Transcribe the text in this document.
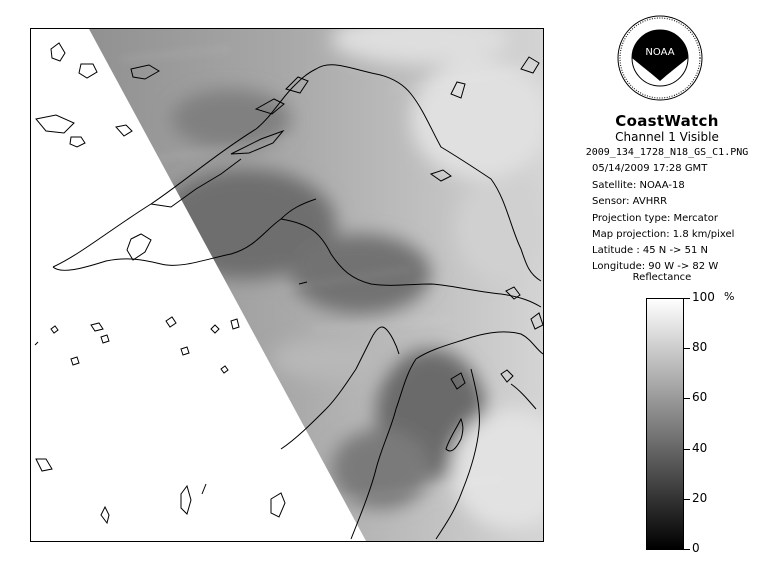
NOAA
CoastWatch
Channel 1 Visible
2009_134_1728_N18_GS_C1.PNG
05/14/2009 17:28 GMT
Satellite: NOAA-18
Sensor: AVHRR
Projection type: Mercator
Map projection: 1.8 km/pixel
Latitude : 45 N -> 51 N
Longitude: 90 W -> 82 W
Reflectance
%
100
80
60
40
20
0
